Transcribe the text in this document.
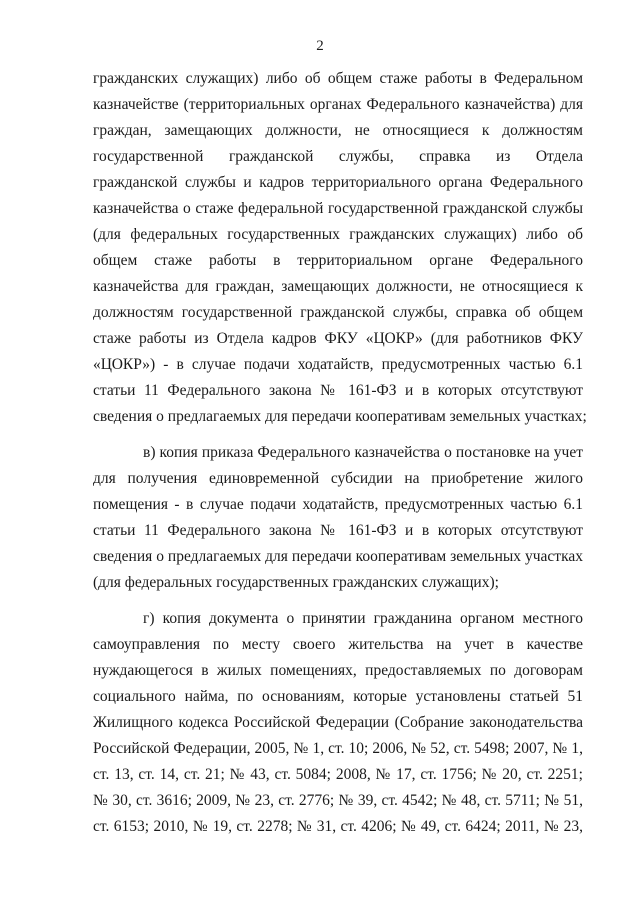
2
гражданских служащих) либо об общем стаже работы в Федеральном
казначействе (территориальных органах Федерального казначейства) для
граждан, замещающих должности, не относящиеся к должностям
государственной гражданской службы, справка из Отдела
гражданской службы и кадров территориального органа Федерального
казначейства о стаже федеральной государственной гражданской службы
(для федеральных государственных гражданских служащих) либо об
общем стаже работы в территориальном органе Федерального
казначейства для граждан, замещающих должности, не относящиеся к
должностям государственной гражданской службы, справка об общем
стаже работы из Отдела кадров ФКУ «ЦОКР» (для работников ФКУ
«ЦОКР») - в случае подачи ходатайств, предусмотренных частью 6.1
статьи 11 Федерального закона № 161-ФЗ и в которых отсутствуют
сведения о предлагаемых для передачи кооперативам земельных участках;
в) копия приказа Федерального казначейства о постановке на учет
для получения единовременной субсидии на приобретение жилого
помещения - в случае подачи ходатайств, предусмотренных частью 6.1
статьи 11 Федерального закона № 161-ФЗ и в которых отсутствуют
сведения о предлагаемых для передачи кооперативам земельных участках
(для федеральных государственных гражданских служащих);
г) копия документа о принятии гражданина органом местного
самоуправления по месту своего жительства на учет в качестве
нуждающегося в жилых помещениях, предоставляемых по договорам
социального найма, по основаниям, которые установлены статьей 51
Жилищного кодекса Российской Федерации (Собрание законодательства
Российской Федерации, 2005, № 1, ст. 10; 2006, № 52, ст. 5498; 2007, № 1,
ст. 13, ст. 14, ст. 21; № 43, ст. 5084; 2008, № 17, ст. 1756; № 20, ст. 2251;
№ 30, ст. 3616; 2009, № 23, ст. 2776; № 39, ст. 4542; № 48, ст. 5711; № 51,
ст. 6153; 2010, № 19, ст. 2278; № 31, ст. 4206; № 49, ст. 6424; 2011, № 23,
